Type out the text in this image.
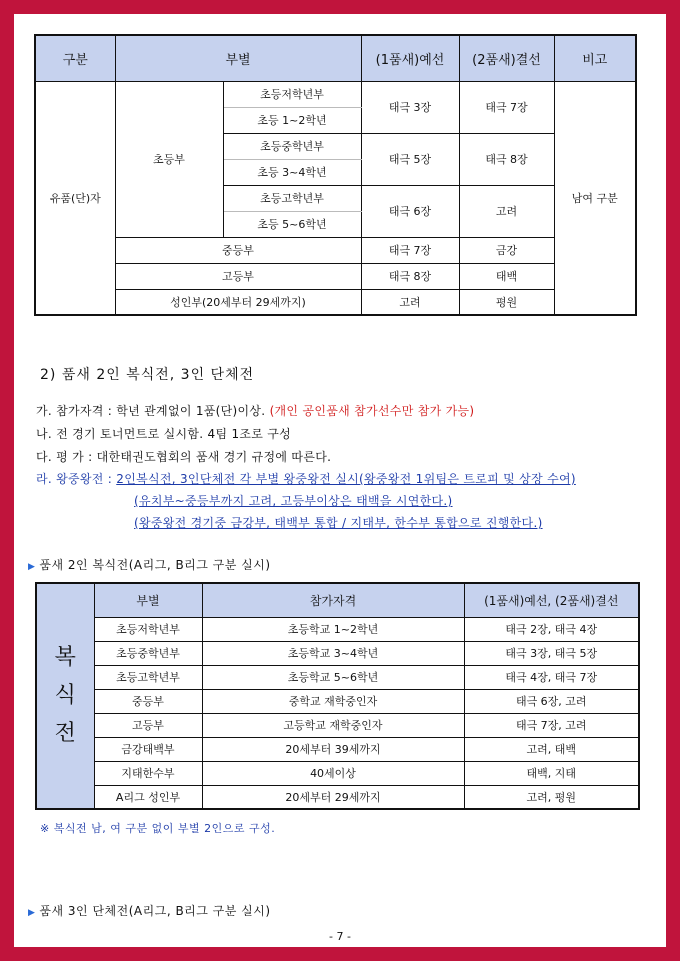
구분	부별		(1품새)예선	(2품새)결선	비고
유품(단)자	초등부	초등저학년부	태극 3장	태극 7장	남여 구분
		초등 1~2학년			
		초등중학년부	태극 5장	태극 8장	
		초등 3~4학년			
		초등고학년부	태극 6장	고려	
		초등 5~6학년			
	중등부		태극 7장	금강	
	고등부		태극 8장	태백	
	성인부(20세부터 29세까지)		고려	평원	
2) 품새 2인 복식전, 3인 단체전
가. 참가자격 : 학년 관계없이 1품(단)이상. (개인 공인품새 참가선수만 참가 가능)
나. 전 경기 토너먼트로 실시함. 4팀 1조로 구성
다. 평 가 : 대한태권도협회의 품새 경기 규정에 따른다.
라. 왕중왕전 : 2인복식전, 3인단체전 각 부별 왕중왕전 실시(왕중왕전 1위팀은 트로피 및 상장 수여)
(유치부~중등부까지 고려, 고등부이상은 태백을 시연한다.)
(왕중왕전 경기중 금강부, 태백부 통합 / 지태부, 한수부 통합으로 진행한다.)
▶ 품새 2인 복식전(A리그, B리그 구분 실시)
복
식
전	부별	참가자격	(1품새)예선, (2품새)결선
	초등저학년부	초등학교 1~2학년	태극 2장, 태극 4장
	초등중학년부	초등학교 3~4학년	태극 3장, 태극 5장
	초등고학년부	초등학교 5~6학년	태극 4장, 태극 7장
	중등부	중학교 재학중인자	태극 6장, 고려
	고등부	고등학교 재학중인자	태극 7장, 고려
	금강태백부	20세부터 39세까지	고려, 태백
	지태한수부	40세이상	태백, 지태
	A리그 성인부	20세부터 29세까지	고려, 평원
※ 복식전 남, 여 구분 없이 부별 2인으로 구성.
▶ 품새 3인 단체전(A리그, B리그 구분 실시)
- 7 -
